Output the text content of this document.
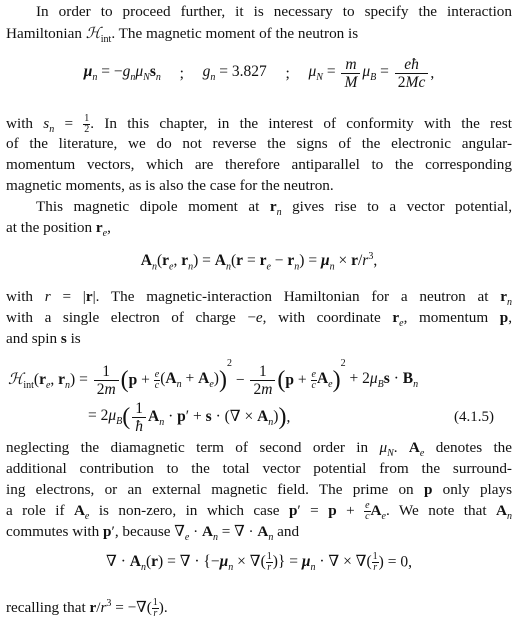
In order to proceed further, it is necessary to specify the interaction
Hamiltonian ℋ$_{int}$. The magnetic moment of the neutron is
$\mu_n = -g_n\mu_Ns_n$ ; $g_n = 3.827$ ; $\mu_N = \frac{m}{M} \mu_B = \frac{eħ}{2Mc}$ ,
with $s_n = \frac{1}{2}$ . In this chapter, in the interest of conformity with the rest
of the literature, we do not reverse the signs of the electronic angular-
momentum vectors, which are therefore antiparallel to the corresponding
magnetic moments, as is also the case for the neutron.
This magnetic dipole moment at $r_n$ gives rise to a vector potential,
at the position $r_e$,
$A_n(r_e$, $r_n) = A_n(r = r_e - r_n) = \mu_n \times r/r^3$,
with r = |r|. The magnetic-interaction Hamiltonian for a neutron at $r_n$
with a single electron of charge −e, with coordinate $r_e$, momentum p,
and spin s is
$ℋ_{int}(r_e$, $r_n) = \frac{1}{2m} (p + \frac{e}{c} (A_n + A_e))^2 - \frac{1}{2m} (p + \frac{e}{c} A_e)^2 + 2\mu_Bs \cdot B_n$
= $2\mu_B( \frac{1}{ħ} A_n \cdot p' + s$ · (∇ × $A_n$)),	(4.1.5)
neglecting the diamagnetic term of second order in $\mu_N$. $A_e$ denotes the
additional contribution to the total vector potential from the surround-
ing electrons, or an external magnetic field. The prime on p only plays
a role if $A_e$ is non-zero, in which case $p' = p + \frac{e}{c} A_e$. We note that $A_n$
commutes with p′, because $\nabla_e \cdot A_n$ = ∇ · $A_n$ and
∇ · $A_n(r)$ = ∇ · {$-\mu_n$ × ∇( $\frac{1}{r}$ )} = $\mu_n$ · ∇ × ∇( $\frac{1}{r}$ ) = 0,
recalling that $r/r^3$ = −∇( $\frac{1}{r}$ ).
